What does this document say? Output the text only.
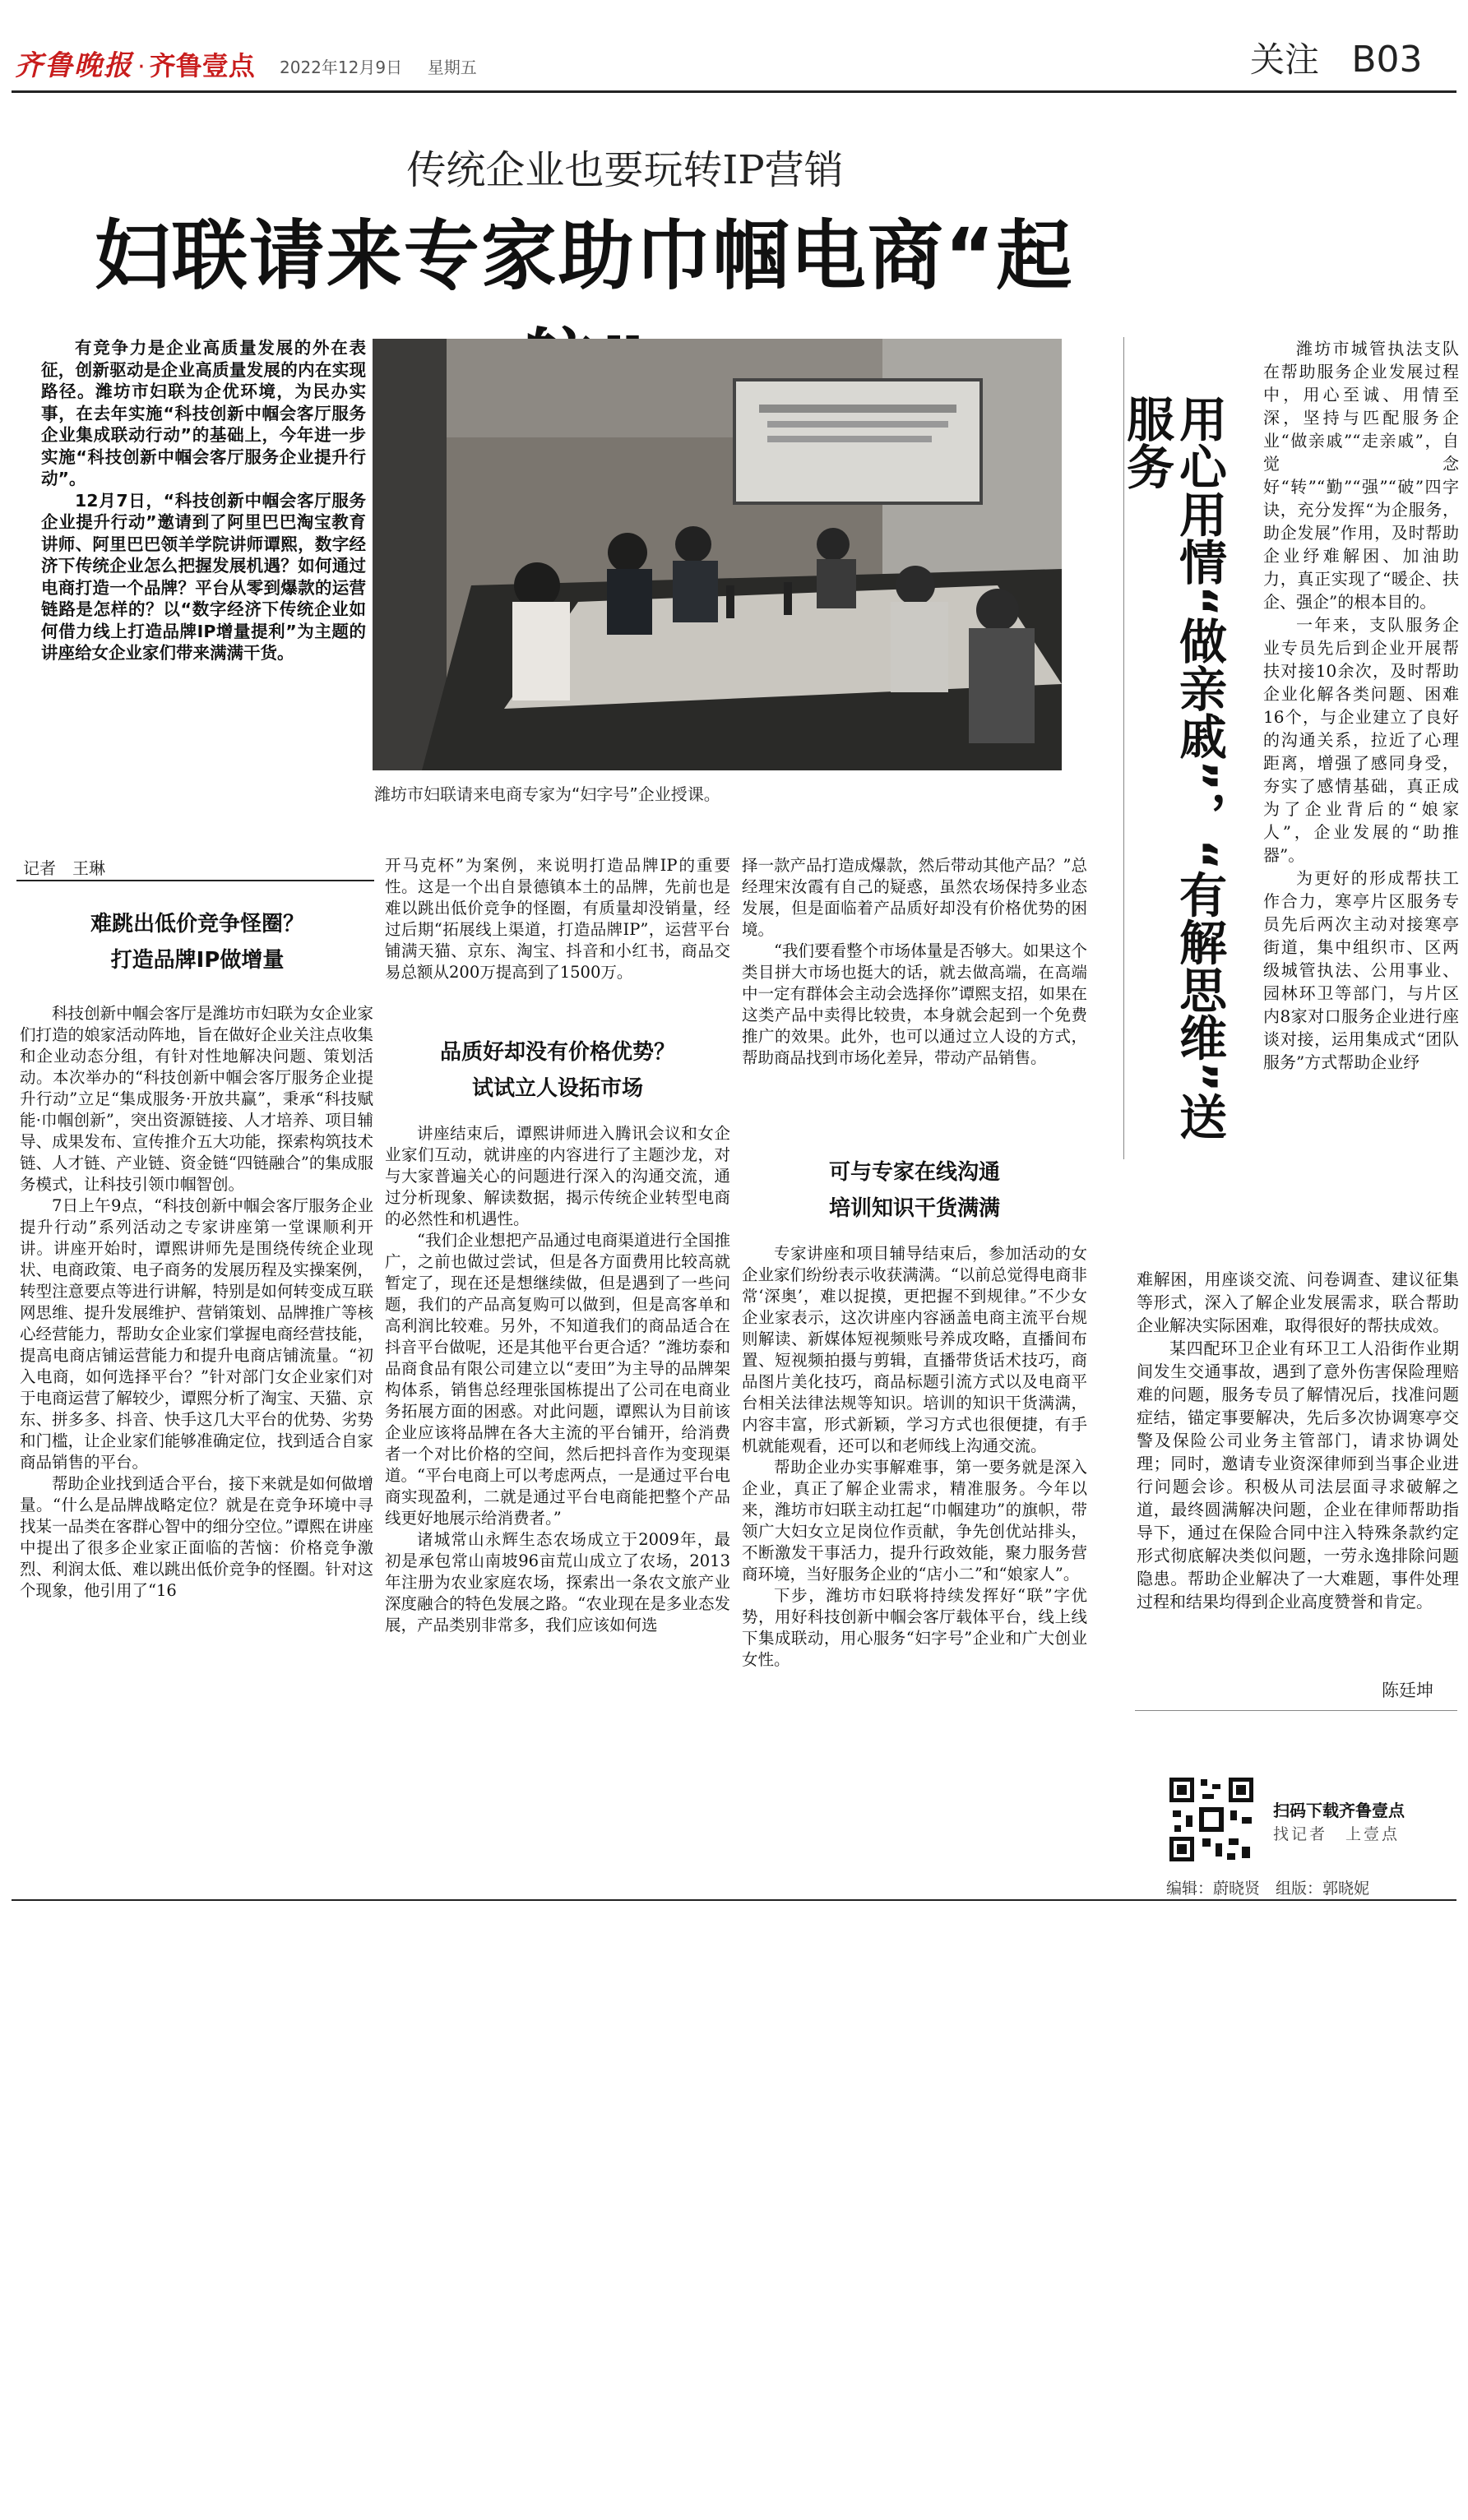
齐鲁晚报 · 齐鲁壹点	2022年12月9日 星期五	关注 B03
传统企业也要玩转IP营销
妇联请来专家助巾帼电商“起

有竞争力是企业高质量发展的外在表征，创新驱动是企业高质量发展的内在实现路径。潍坊市妇联为企优环境，为民办实事，在去年实施“科技创新中帼会客厅服务企业集成联动行动”的基础上，今年进一步实施“科技创新中帼会客厅服务企业提升行动”。

12月7日，“科技创新中帼会客厅服务企业提升行动”邀请到了阿里巴巴淘宝教育讲师、阿里巴巴领羊学院讲师谭熙，数字经济下传统企业怎么把握发展机遇？如何通过电商打造一个品牌？平台从零到爆款的运营链路是怎样的？以“数字经济下传统企业如何借力线上打造品牌IP增量提利”为主题的讲座给女企业家们带来满满干货。

潍坊市妇联请来电商专家为“妇字号”企业授课。
记者　王琳
难跳出低价竞争怪圈？
打造品牌IP做增量

科技创新中帼会客厅是潍坊市妇联为女企业家们打造的娘家活动阵地，旨在做好企业关注点收集和企业动态分组，有针对性地解决问题、策划活动。本次举办的“科技创新中帼会客厅服务企业提升行动”立足“集成服务·开放共赢”，秉承“科技赋能·巾帼创新”，突出资源链接、人才培养、项目辅导、成果发布、宣传推介五大功能，探索构筑技术链、人才链、产业链、资金链“四链融合”的集成服务模式，让科技引领巾帼智创。

7日上午9点，“科技创新中帼会客厅服务企业提升行动”系列活动之专家讲座第一堂课顺利开讲。讲座开始时，谭熙讲师先是围绕传统企业现状、电商政策、电子商务的发展历程及实操案例，转型注意要点等进行讲解，特别是如何转变成互联网思维、提升发展维护、营销策划、品牌推广等核心经营能力，帮助女企业家们掌握电商经营技能，提高电商店铺运营能力和提升电商店铺流量。“初入电商，如何选择平台？”针对部门女企业家们对于电商运营了解较少，谭熙分析了淘宝、天猫、京东、拼多多、抖音、快手这几大平台的优势、劣势和门槛，让企业家们能够准确定位，找到适合自家商品销售的平台。

帮助企业找到适合平台，接下来就是如何做增量。“什么是品牌战略定位？就是在竞争环境中寻找某一品类在客群心智中的细分空位。”谭熙在讲座中提出了很多企业家正面临的苦恼：价格竞争激烈、利润太低、难以跳出低价竞争的怪圈。针对这个现象，他引用了“16

开马克杯”为案例，来说明打造品牌IP的重要性。这是一个出自景德镇本土的品牌，先前也是难以跳出低价竞争的怪圈，有质量却没销量，经过后期“拓展线上渠道，打造品牌IP”，运营平台铺满天猫、京东、淘宝、抖音和小红书，商品交易总额从200万提高到了1500万。

品质好却没有价格优势？
试试立人设拓市场

讲座结束后，谭熙讲师进入腾讯会议和女企业家们互动，就讲座的内容进行了主题沙龙，对与大家普遍关心的问题进行深入的沟通交流，通过分析现象、解读数据，揭示传统企业转型电商的必然性和机遇性。

“我们企业想把产品通过电商渠道进行全国推广，之前也做过尝试，但是各方面费用比较高就暂定了，现在还是想继续做，但是遇到了一些问题，我们的产品高复购可以做到，但是高客单和高利润比较难。另外，不知道我们的商品适合在抖音平台做呢，还是其他平台更合适？”潍坊泰和品商食品有限公司建立以“麦田”为主导的品牌架构体系，销售总经理张国栋提出了公司在电商业务拓展方面的困惑。对此问题，谭熙认为目前该企业应该将品牌在各大主流的平台铺开，给消费者一个对比价格的空间，然后把抖音作为变现渠道。“平台电商上可以考虑两点，一是通过平台电商实现盈利，二就是通过平台电商能把整个产品线更好地展示给消费者。”

诸城常山永辉生态农场成立于2009年，最初是承包常山南坡96亩荒山成立了农场，2013年注册为农业家庭农场，探索出一条农文旅产业深度融合的特色发展之路。“农业现在是多业态发展，产品类别非常多，我们应该如何选

择一款产品打造成爆款，然后带动其他产品？”总经理宋汝霞有自己的疑惑，虽然农场保持多业态发展，但是面临着产品质好却没有价格优势的困境。

“我们要看整个市场体量是否够大。如果这个类目拼大市场也挺大的话，就去做高端，在高端中一定有群体会主动会选择你”谭熙支招，如果在这类产品中卖得比较贵，本身就会起到一个免费推广的效果。此外，也可以通过立人设的方式，帮助商品找到市场化差异，带动产品销售。

可与专家在线沟通
培训知识干货满满

专家讲座和项目辅导结束后，参加活动的女企业家们纷纷表示收获满满。“以前总觉得电商非常‘深奥’，难以捉摸，更把握不到规律。”不少女企业家表示，这次讲座内容涵盖电商主流平台规则解读、新媒体短视频账号养成攻略，直播间布置、短视频拍摄与剪辑，直播带货话术技巧，商品图片美化技巧，商品标题引流方式以及电商平台相关法律法规等知识。培训的知识干货满满，内容丰富，形式新颖，学习方式也很便捷，有手机就能观看，还可以和老师线上沟通交流。

帮助企业办实事解难事，第一要务就是深入企业，真正了解企业需求，精准服务。今年以来，潍坊市妇联主动扛起“巾帼建功”的旗帜，带领广大妇女立足岗位作贡献，争先创优站排头，不断激发干事活力，提升行政效能，聚力服务营商环境，当好服务企业的“店小二”和“娘家人”。

下步，潍坊市妇联将持续发挥好“联”字优势，用好科技创新中帼会客厅载体平台，线上线下集成联动，用心服务“妇字号”企业和广大创业女性。

用心用情“做亲戚”，“有解思维”送服务

潍坊市城管执法支队在帮助服务企业发展过程中，用心至诚、用情至深，坚持与匹配服务企业“做亲戚”“走亲戚”，自觉念好“转”“勤”“强”“破”四字诀，充分发挥“为企服务，助企发展”作用，及时帮助企业纾难解困、加油助力，真正实现了“暖企、扶企、强企”的根本目的。

一年来，支队服务企业专员先后到企业开展帮扶对接10余次，及时帮助企业化解各类问题、困难16个，与企业建立了良好的沟通关系，拉近了心理距离，增强了感同身受，夯实了感情基础，真正成为了企业背后的“娘家人”，企业发展的“助推器”。

为更好的形成帮扶工作合力，寒亭片区服务专员先后两次主动对接寒亭街道，集中组织市、区两级城管执法、公用事业、园林环卫等部门，与片区内8家对口服务企业进行座谈对接，运用集成式“团队服务”方式帮助企业纾

难解困，用座谈交流、问卷调查、建议征集等形式，深入了解企业发展需求，联合帮助企业解决实际困难，取得很好的帮扶成效。

某四配环卫企业有环卫工人沿街作业期间发生交通事故，遇到了意外伤害保险理赔难的问题，服务专员了解情况后，找准问题症结，锚定事要解决，先后多次协调寒亭交警及保险公司业务主管部门，请求协调处理；同时，邀请专业资深律师到当事企业进行问题会诊。积极从司法层面寻求破解之道，最终圆满解决问题，企业在律师帮助指导下，通过在保险合同中注入特殊条款约定形式彻底解决类似问题，一劳永逸排除问题隐患。帮助企业解决了一大难题，事件处理过程和结果均得到企业高度赞誉和肯定。

陈廷坤
扫码下载齐鲁壹点
找记者　上壹点
编辑：蔚晓贤　组版：郭晓妮
